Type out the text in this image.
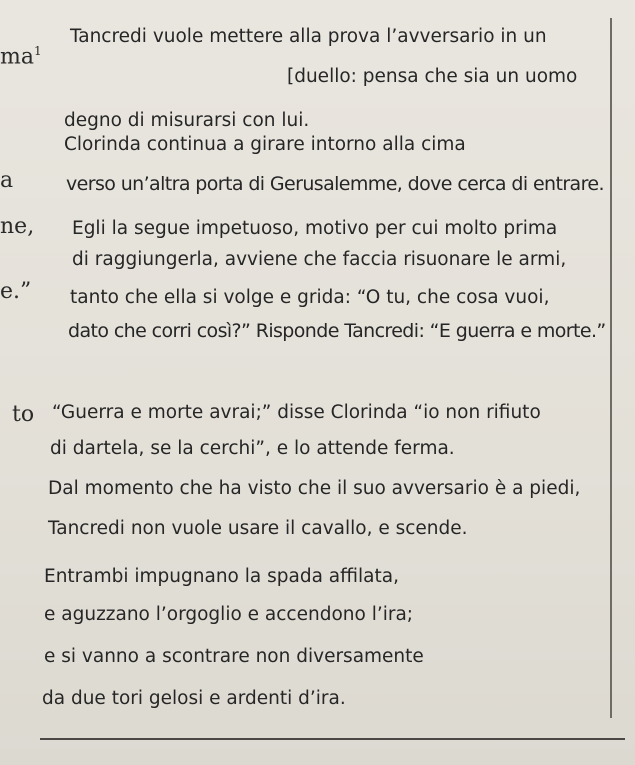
$ma^1$
a
ne,
e.”
to
Tancredi vuole mettere alla prova l’avversario in un
[duello: pensa che sia un uomo
degno di misurarsi con lui.
Clorinda continua a girare intorno alla cima
verso un’altra porta di Gerusalemme, dove cerca di entrare.
Egli la segue impetuoso, motivo per cui molto prima
di raggiungerla, avviene che faccia risuonare le armi,
tanto che ella si volge e grida: “O tu, che cosa vuoi,
dato che corri così?” Risponde Tancredi: “E guerra e morte.”
“Guerra e morte avrai;” disse Clorinda “io non rifiuto
di dartela, se la cerchi”, e lo attende ferma.
Dal momento che ha visto che il suo avversario è a piedi,
Tancredi non vuole usare il cavallo, e scende.
Entrambi impugnano la spada affilata,
e aguzzano l’orgoglio e accendono l’ira;
e si vanno a scontrare non diversamente
da due tori gelosi e ardenti d’ira.
